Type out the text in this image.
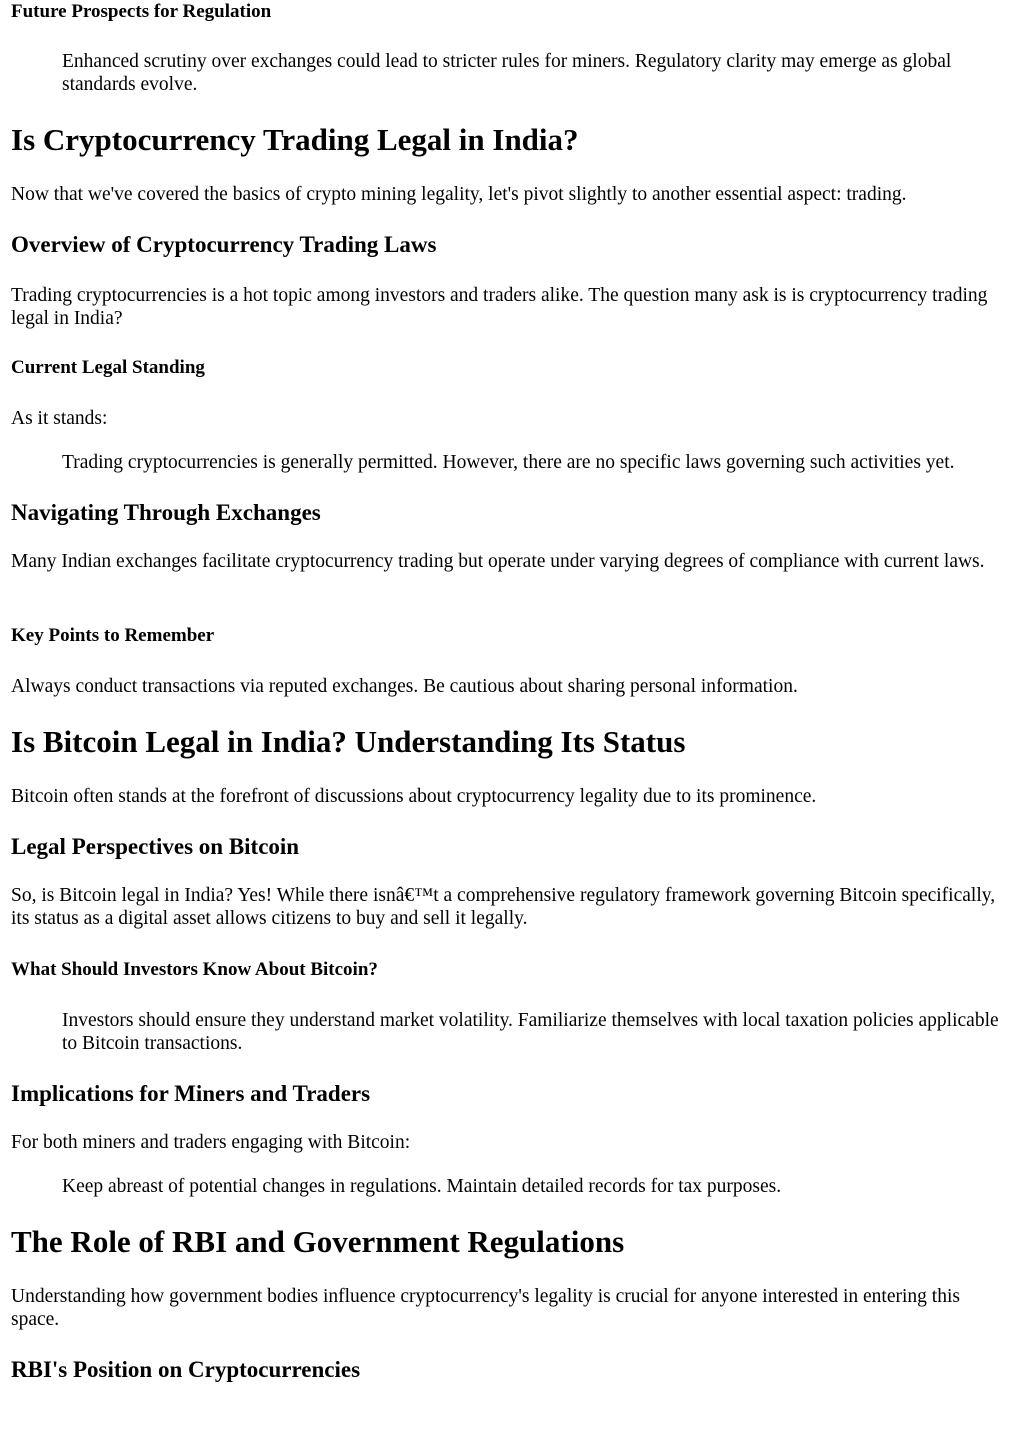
Future Prospects for Regulation

Enhanced scrutiny over exchanges could lead to stricter rules for miners. Regulatory clarity may emerge as global standards evolve.

Is Cryptocurrency Trading Legal in India?

Now that we've covered the basics of crypto mining legality, let's pivot slightly to another essential aspect: trading.

Overview of Cryptocurrency Trading Laws

Trading cryptocurrencies is a hot topic among investors and traders alike. The question many ask is is cryptocurrency trading legal in India?

Current Legal Standing

As it stands:

Trading cryptocurrencies is generally permitted. However, there are no specific laws governing such activities yet.

Navigating Through Exchanges

Many Indian exchanges facilitate cryptocurrency trading but operate under varying degrees of compliance with current laws.

Key Points to Remember

Always conduct transactions via reputed exchanges. Be cautious about sharing personal information.

Is Bitcoin Legal in India? Understanding Its Status

Bitcoin often stands at the forefront of discussions about cryptocurrency legality due to its prominence.

Legal Perspectives on Bitcoin

So, is Bitcoin legal in India? Yes! While there isnâ€™t a comprehensive regulatory framework governing Bitcoin specifically, its status as a digital asset allows citizens to buy and sell it legally.

What Should Investors Know About Bitcoin?

Investors should ensure they understand market volatility. Familiarize themselves with local taxation policies applicable to Bitcoin transactions.

Implications for Miners and Traders

For both miners and traders engaging with Bitcoin:

Keep abreast of potential changes in regulations. Maintain detailed records for tax purposes.

The Role of RBI and Government Regulations

Understanding how government bodies influence cryptocurrency's legality is crucial for anyone interested in entering this space.

RBI's Position on Cryptocurrencies
